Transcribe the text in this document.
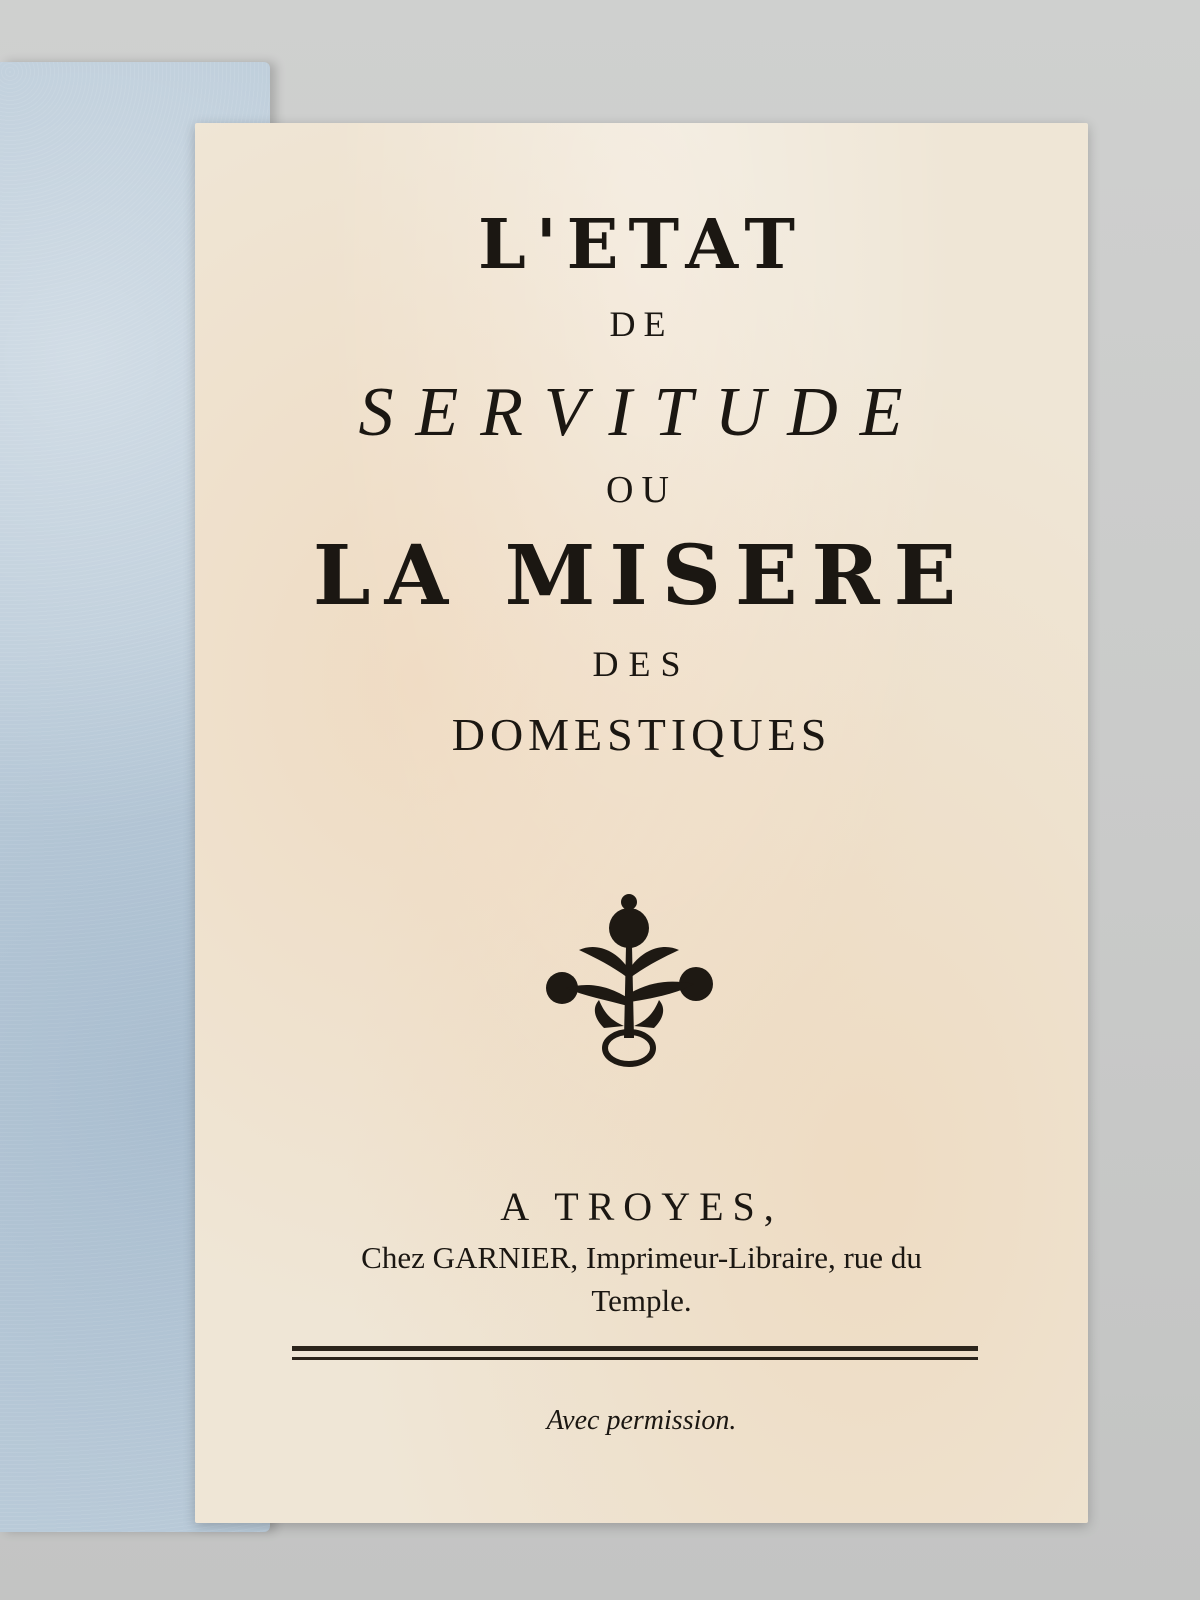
L'ETAT
DE
SERVITUDE
OU
LA MISERE
DES
DOMESTIQUES
A TROYES,
Chez GARNIER, Imprimeur-Libraire, rue du
Temple.
Avec permission.
